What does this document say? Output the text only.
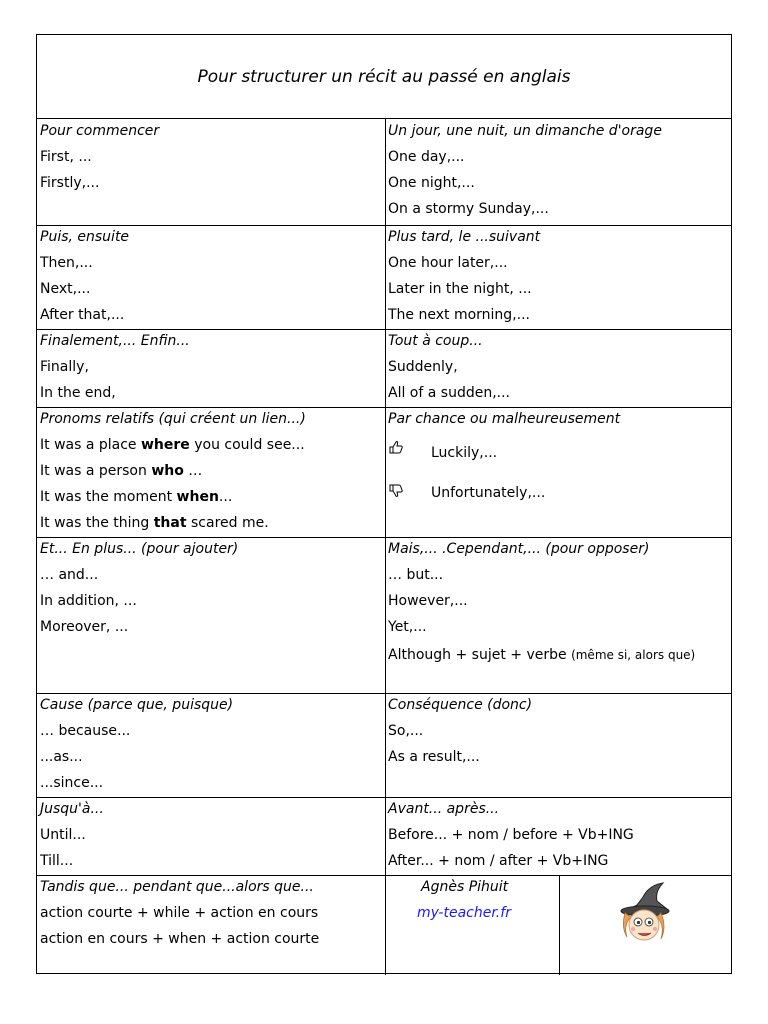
Pour structurer un récit au passé en anglais
Pour commencer
First, ...
Firstly,...
Un jour, une nuit, un dimanche d'orage
One day,...
One night,...
On a stormy Sunday,...
Puis, ensuite
Then,...
Next,...
After that,...
Plus tard, le ...suivant
One hour later,...
Later in the night, ...
The next morning,...
Finalement,... Enfin...
Finally,
In the end,
Tout à coup...
Suddenly,
All of a sudden,...
Pronoms relatifs (qui créent un lien...)
It was a place where you could see...
It was a person who …
It was the moment when...
It was the thing that scared me.
Par chance ou malheureusement
Luckily,...
Unfortunately,...
Et... En plus... (pour ajouter)
… and...
In addition, ...
Moreover, ...
Mais,... .Cependant,... (pour opposer)
… but...
However,...
Yet,...
Although + sujet + verbe (même si, alors que)
Cause (parce que, puisque)
… because...
...as...
...since...
Conséquence (donc)
So,...
As a result,...
Jusqu'à...
Until...
Till...
Avant... après...
Before... + nom / before + Vb+ING
After... + nom / after + Vb+ING
Tandis que... pendant que...alors que...
action courte + while + action en cours
action en cours + when + action courte
Agnès Pihuit
my-teacher.fr
